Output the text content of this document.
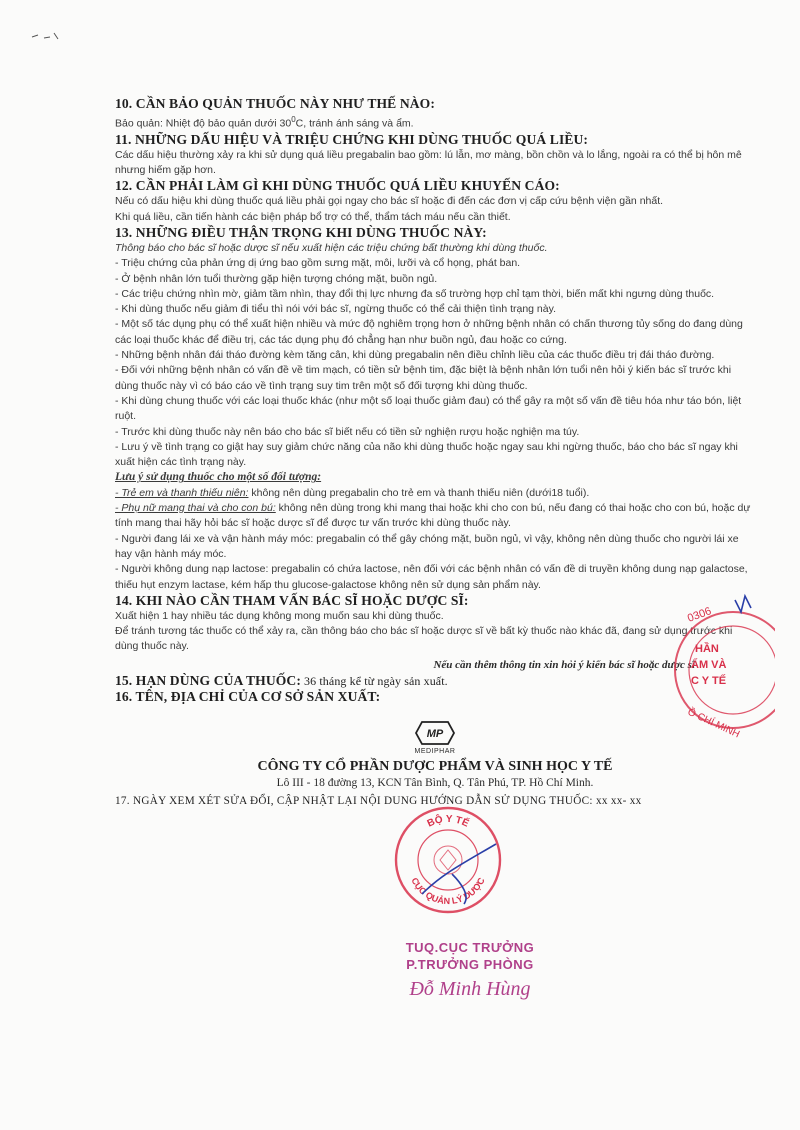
10. CẦN BẢO QUẢN THUỐC NÀY NHƯ THẾ NÀO:

Bảo quản: Nhiệt độ bảo quản dưới $30^0C$, tránh ánh sáng và ẩm.

11. NHỮNG DẤU HIỆU VÀ TRIỆU CHỨNG KHI DÙNG THUỐC QUÁ LIỀU:

Các dấu hiệu thường xảy ra khi sử dụng quá liều pregabalin bao gồm: lú lẫn, mơ màng, bồn chồn và lo lắng, ngoài ra có thể bị hôn mê nhưng hiếm gặp hơn.

12. CẦN PHẢI LÀM GÌ KHI DÙNG THUỐC QUÁ LIỀU KHUYẾN CÁO:

Nếu có dấu hiệu khi dùng thuốc quá liều phải gọi ngay cho bác sĩ hoặc đi đến các đơn vị cấp cứu bệnh viện gần nhất.

Khi quá liều, cần tiến hành các biện pháp bổ trợ có thể, thẩm tách máu nếu cần thiết.

13. NHỮNG ĐIỀU THẬN TRỌNG KHI DÙNG THUỐC NÀY:

Thông báo cho bác sĩ hoặc dược sĩ nếu xuất hiện các triệu chứng bất thường khi dùng thuốc.

- Triệu chứng của phản ứng dị ứng bao gồm sưng mặt, môi, lưỡi và cổ họng, phát ban.

- Ở bệnh nhân lớn tuổi thường gặp hiện tượng chóng mặt, buồn ngủ.

- Các triệu chứng nhìn mờ, giảm tầm nhìn, thay đổi thị lực nhưng đa số trường hợp chỉ tạm thời, biến mất khi ngưng dùng thuốc.

- Khi dùng thuốc nếu giảm đi tiểu thì nói với bác sĩ, ngừng thuốc có thể cải thiện tình trạng này.

- Một số tác dụng phụ có thể xuất hiện nhiều và mức độ nghiêm trọng hơn ở những bệnh nhân có chấn thương tủy sống do đang dùng các loại thuốc khác để điều trị, các tác dụng phụ đó chẳng hạn như buồn ngủ, đau hoặc co cứng.

- Những bệnh nhân đái tháo đường kèm tăng cân, khi dùng pregabalin nên điều chỉnh liều của các thuốc điều trị đái tháo đường.

- Đối với những bệnh nhân có vấn đề về tim mạch, có tiền sử bệnh tim, đặc biệt là bệnh nhân lớn tuổi nên hỏi ý kiến bác sĩ trước khi dùng thuốc này vì có báo cáo về tình trạng suy tim trên một số đối tượng khi dùng thuốc.

- Khi dùng chung thuốc với các loại thuốc khác (như một số loại thuốc giảm đau) có thể gây ra một số vấn đề tiêu hóa như táo bón, liệt ruột.

- Trước khi dùng thuốc này nên báo cho bác sĩ biết nếu có tiền sử nghiện rượu hoặc nghiện ma túy.

- Lưu ý về tình trạng co giật hay suy giảm chức năng của não khi dùng thuốc hoặc ngay sau khi ngừng thuốc, báo cho bác sĩ ngay khi xuất hiện các tình trạng này.

Lưu ý sử dụng thuốc cho một số đối tượng:

- Trẻ em và thanh thiếu niên: không nên dùng pregabalin cho trẻ em và thanh thiếu niên (dưới18 tuổi).

- Phụ nữ mang thai và cho con bú: không nên dùng trong khi mang thai hoặc khi cho con bú, nếu đang có thai hoặc cho con bú, hoặc dự tính mang thai hãy hỏi bác sĩ hoặc dược sĩ để được tư vấn trước khi dùng thuốc này.

- Người đang lái xe và vận hành máy móc: pregabalin có thể gây chóng mặt, buồn ngủ, vì vậy, không nên dùng thuốc cho người lái xe hay vận hành máy móc.

- Người không dung nạp lactose: pregabalin có chứa lactose, nên đối với các bệnh nhân có vấn đề di truyền không dung nạp galactose, thiếu hụt enzym lactase, kém hấp thu glucose-galactose không nên sử dụng sản phẩm này.

14. KHI NÀO CẦN THAM VẤN BÁC SĨ HOẶC DƯỢC SĨ:

Xuất hiện 1 hay nhiều tác dụng không mong muốn sau khi dùng thuốc.

Để tránh tương tác thuốc có thể xảy ra, cần thông báo cho bác sĩ hoặc dược sĩ về bất kỳ thuốc nào khác đã, đang sử dụng trước khi dùng thuốc này.

Nếu cần thêm thông tin xin hỏi ý kiến bác sĩ hoặc dược sĩ

15. HẠN DÙNG CỦA THUỐC: 36 tháng kể từ ngày sản xuất.

16. TÊN, ĐỊA CHỈ CỦA CƠ SỞ SẢN XUẤT:

MP
MEDIPHAR
CÔNG TY CỔ PHẦN DƯỢC PHẨM VÀ SINH HỌC Y TẾ
Lô III - 18 đường 13, KCN Tân Bình, Q. Tân Phú, TP. Hồ Chí Minh.

17. NGÀY XEM XÉT SỬA ĐỔI, CẬP NHẬT LẠI NỘI DUNG HƯỚNG DẪN SỬ DỤNG THUỐC: xx xx- xx

0306
HẦN
ẨM VÀ
C Y TẾ
Ồ CHÍ MINH
BỘ Y TẾ
CỤC QUẢN LÝ DƯỢC
TUQ.CỤC TRƯỞNG
P.TRƯỞNG PHÒNG
Đỗ Minh Hùng
